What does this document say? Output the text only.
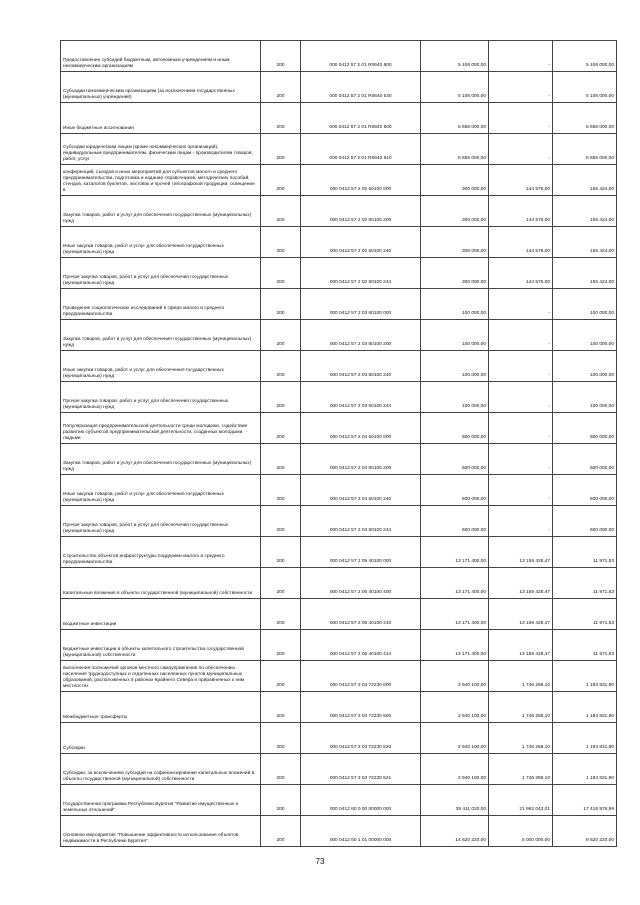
Предоставление субсидий бюджетным, автономным учреждениям и иным некоммерческим организациям	200	000 0412 57 2 01 R0640 600	5 106 000,00	-	5 106 000,00
Субсидии некоммерческим организациям (за исключением государственных (муниципальных) учреждений)	200	000 0412 57 2 01 R0640 630	5 106 000,00	-	5 106 000,00
Иные бюджетные ассигнования	200	000 0412 57 2 01 R0640 800	5 656 000,00	-	5 656 000,00
Субсидии юридическим лицам (кроме некоммерческих организаций), индивидуальным предпринимателям, физическим лицам - производителям товаров, работ, услуг	200	000 0412 57 2 01 R0640 810	5 656 000,00	-	5 656 000,00
конференций, съездов и иных мероприятий для субъектов малого и среднего предпринимательства, подготовка и издание справочников, методических пособий, стендов, каталогов буклетов, листовок и прочей типографской продукции, освещение в	200	000 0412 57 2 02 60100 000	300 000,00	144 576,00	155 424,00
Закупка товаров, работ и услуг для обеспечения государственных (муниципальных) нужд	200	000 0412 57 2 02 60100 200	300 000,00	144 576,00	155 424,00
Иные закупки товаров, работ и услуг для обеспечения государственных (муниципальных) нужд	200	000 0412 57 2 02 60100 240	300 000,00	144 576,00	155 424,00
Прочая закупка товаров, работ и услуг для обеспечения государственных (муниципальных) нужд	200	000 0412 57 2 02 60100 244	300 000,00	144 576,00	155 424,00
Проведение социологических исследований в сфере малого и среднего предпринимательства	200	000 0412 57 2 03 60100 000	100 000,00	-	100 000,00
Закупка товаров, работ и услуг для обеспечения государственных (муниципальных) нужд	200	000 0412 57 2 03 60100 200	100 000,00	-	100 000,00
Иные закупки товаров, работ и услуг для обеспечения государственных (муниципальных) нужд	200	000 0412 57 2 03 60100 240	100 000,00	-	100 000,00
Прочая закупка товаров, работ и услуг для обеспечения государственных (муниципальных) нужд	200	000 0412 57 2 03 60100 244	100 000,00	-	100 000,00
Популяризация предпринимательской деятельности среди молодежи, содействие развитию субъектов предпринимательской деятельности, созданных молодыми людьми	200	000 0412 57 2 04 60100 000	600 000,00	-	600 000,00
Закупка товаров, работ и услуг для обеспечения государственных (муниципальных) нужд	200	000 0412 57 2 04 60100 200	600 000,00	-	600 000,00
Иные закупки товаров, работ и услуг для обеспечения государственных (муниципальных) нужд	200	000 0412 57 2 04 60100 240	600 000,00	-	600 000,00
Прочая закупка товаров, работ и услуг для обеспечения государственных (муниципальных) нужд	200	000 0412 57 2 04 60100 244	600 000,00	-	600 000,00
Строительство объектов инфраструктуры поддержки малого и среднего предпринимательства	200	000 0412 57 2 05 40100 000	13 171 400,00	13 159 428,47	11 971,53
Капитальные вложения в объекты государственной (муниципальной) собственности	200	000 0412 57 2 05 40100 400	13 171 400,00	13 159 428,47	11 971,53
Бюджетные инвестиции	200	000 0412 57 2 05 40100 410	13 171 400,00	13 159 428,47	11 971,53
Бюджетные инвестиции в объекты капитального строительства государственной (муниципальной) собственности	200	000 0412 57 2 05 40100 414	13 171 400,00	13 159 428,47	11 971,53
выполнения полномочий органов местного самоуправления по обеспечению населения труднодоступных и отдаленных населенных пунктов муниципальных образований, расположенных в районах Крайнего Севера и приравненных к ним местностях	200	000 0412 57 3 03 72230 000	2 940 100,00	1 746 268,10	1 193 831,90
Межбюджетные трансферты	200	000 0412 57 3 03 72230 500	2 940 100,00	1 746 268,10	1 193 831,90
Субсидии	200	000 0412 57 3 03 72230 520	2 940 100,00	1 746 268,10	1 193 831,90
Субсидии, за исключением субсидий на софинансирование капитальных вложений в объекты государственной (муниципальной) собственности	200	000 0412 57 3 03 72230 521	2 940 100,00	1 746 268,10	1 193 831,90
Государственная программа Республики Бурятия "Развитие имущественных и земельных отношений"	200	000 0412 60 0 00 00000 000	39 411 020,00	21 992 043,01	17 418 976,99
Основное мероприятие "Повышение эффективности использования объектов недвижимости в Республике Бурятия"	200	000 0412 60 1 01 00000 000	14 620 220,00	5 000 000,00	9 620 220,00
73
